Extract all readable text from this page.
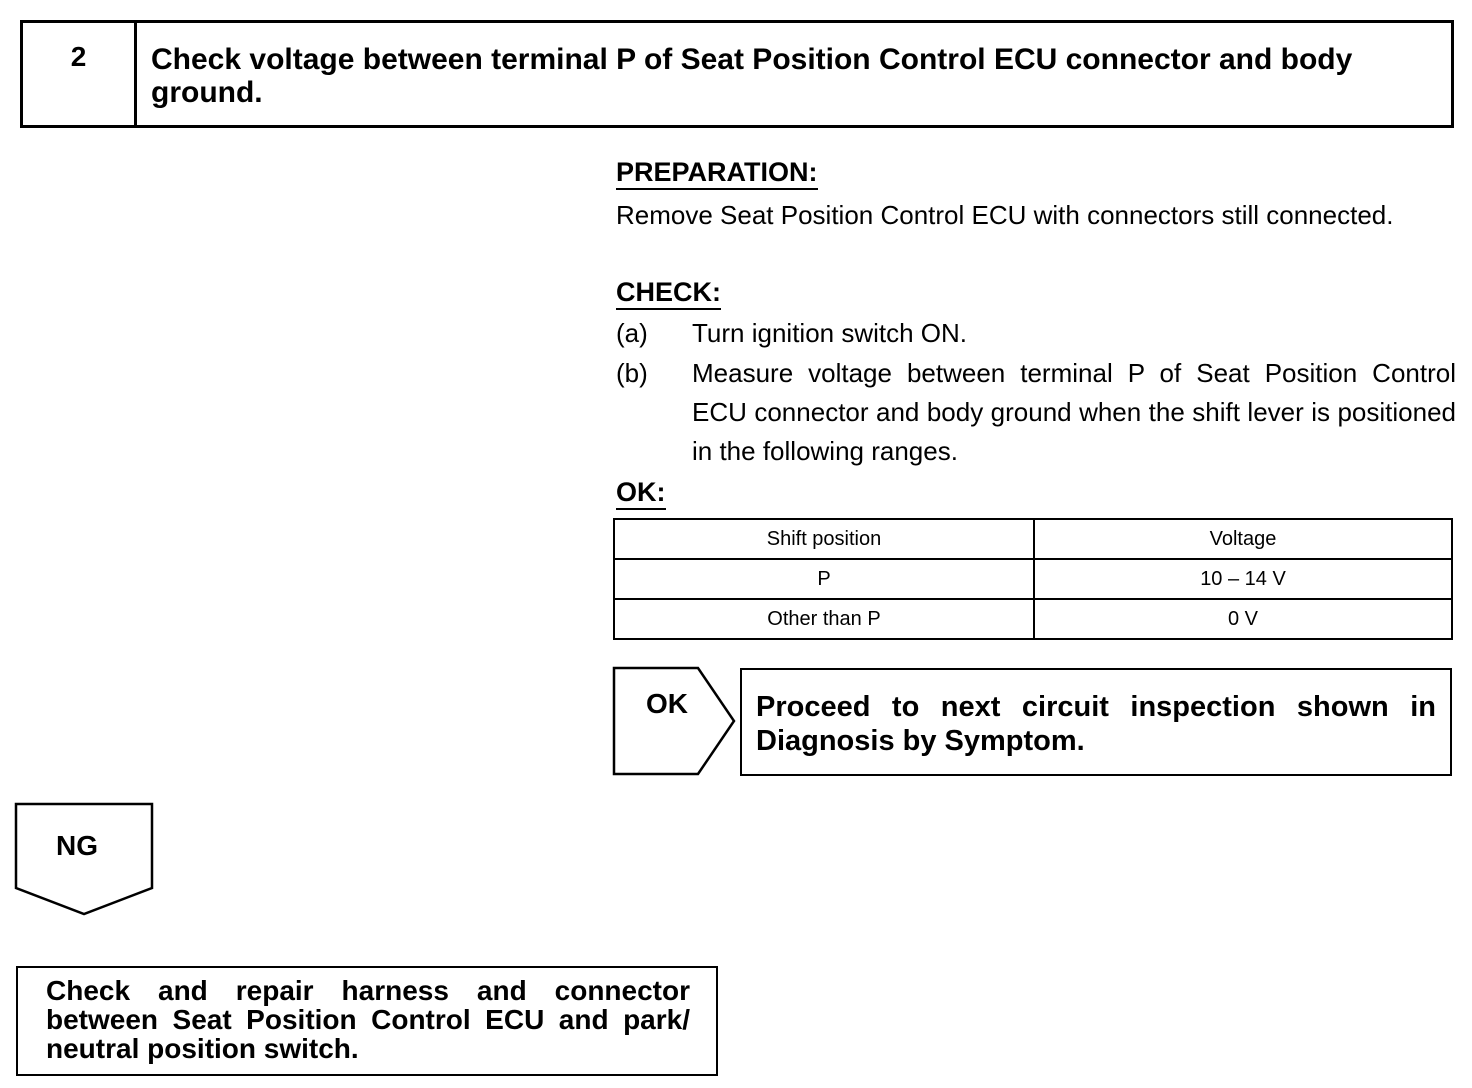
2	Check voltage between terminal P of Seat Position Control ECU connector and body ground.
PREPARATION:
Remove Seat Position Control ECU with connectors still connected.
CHECK:
(a) Turn ignition switch ON.
(b) Measure voltage between terminal P of Seat Position Control ECU connector and body ground when the shift lever is positioned in the following ranges.
OK:
Shift position	Voltage
P	10 – 14 V
Other than P	0 V
OK Proceed to next circuit inspection shown in Diagnosis by Symptom.
NG
Check and repair harness and connector between Seat Position Control ECU and park/ neutral position switch.
